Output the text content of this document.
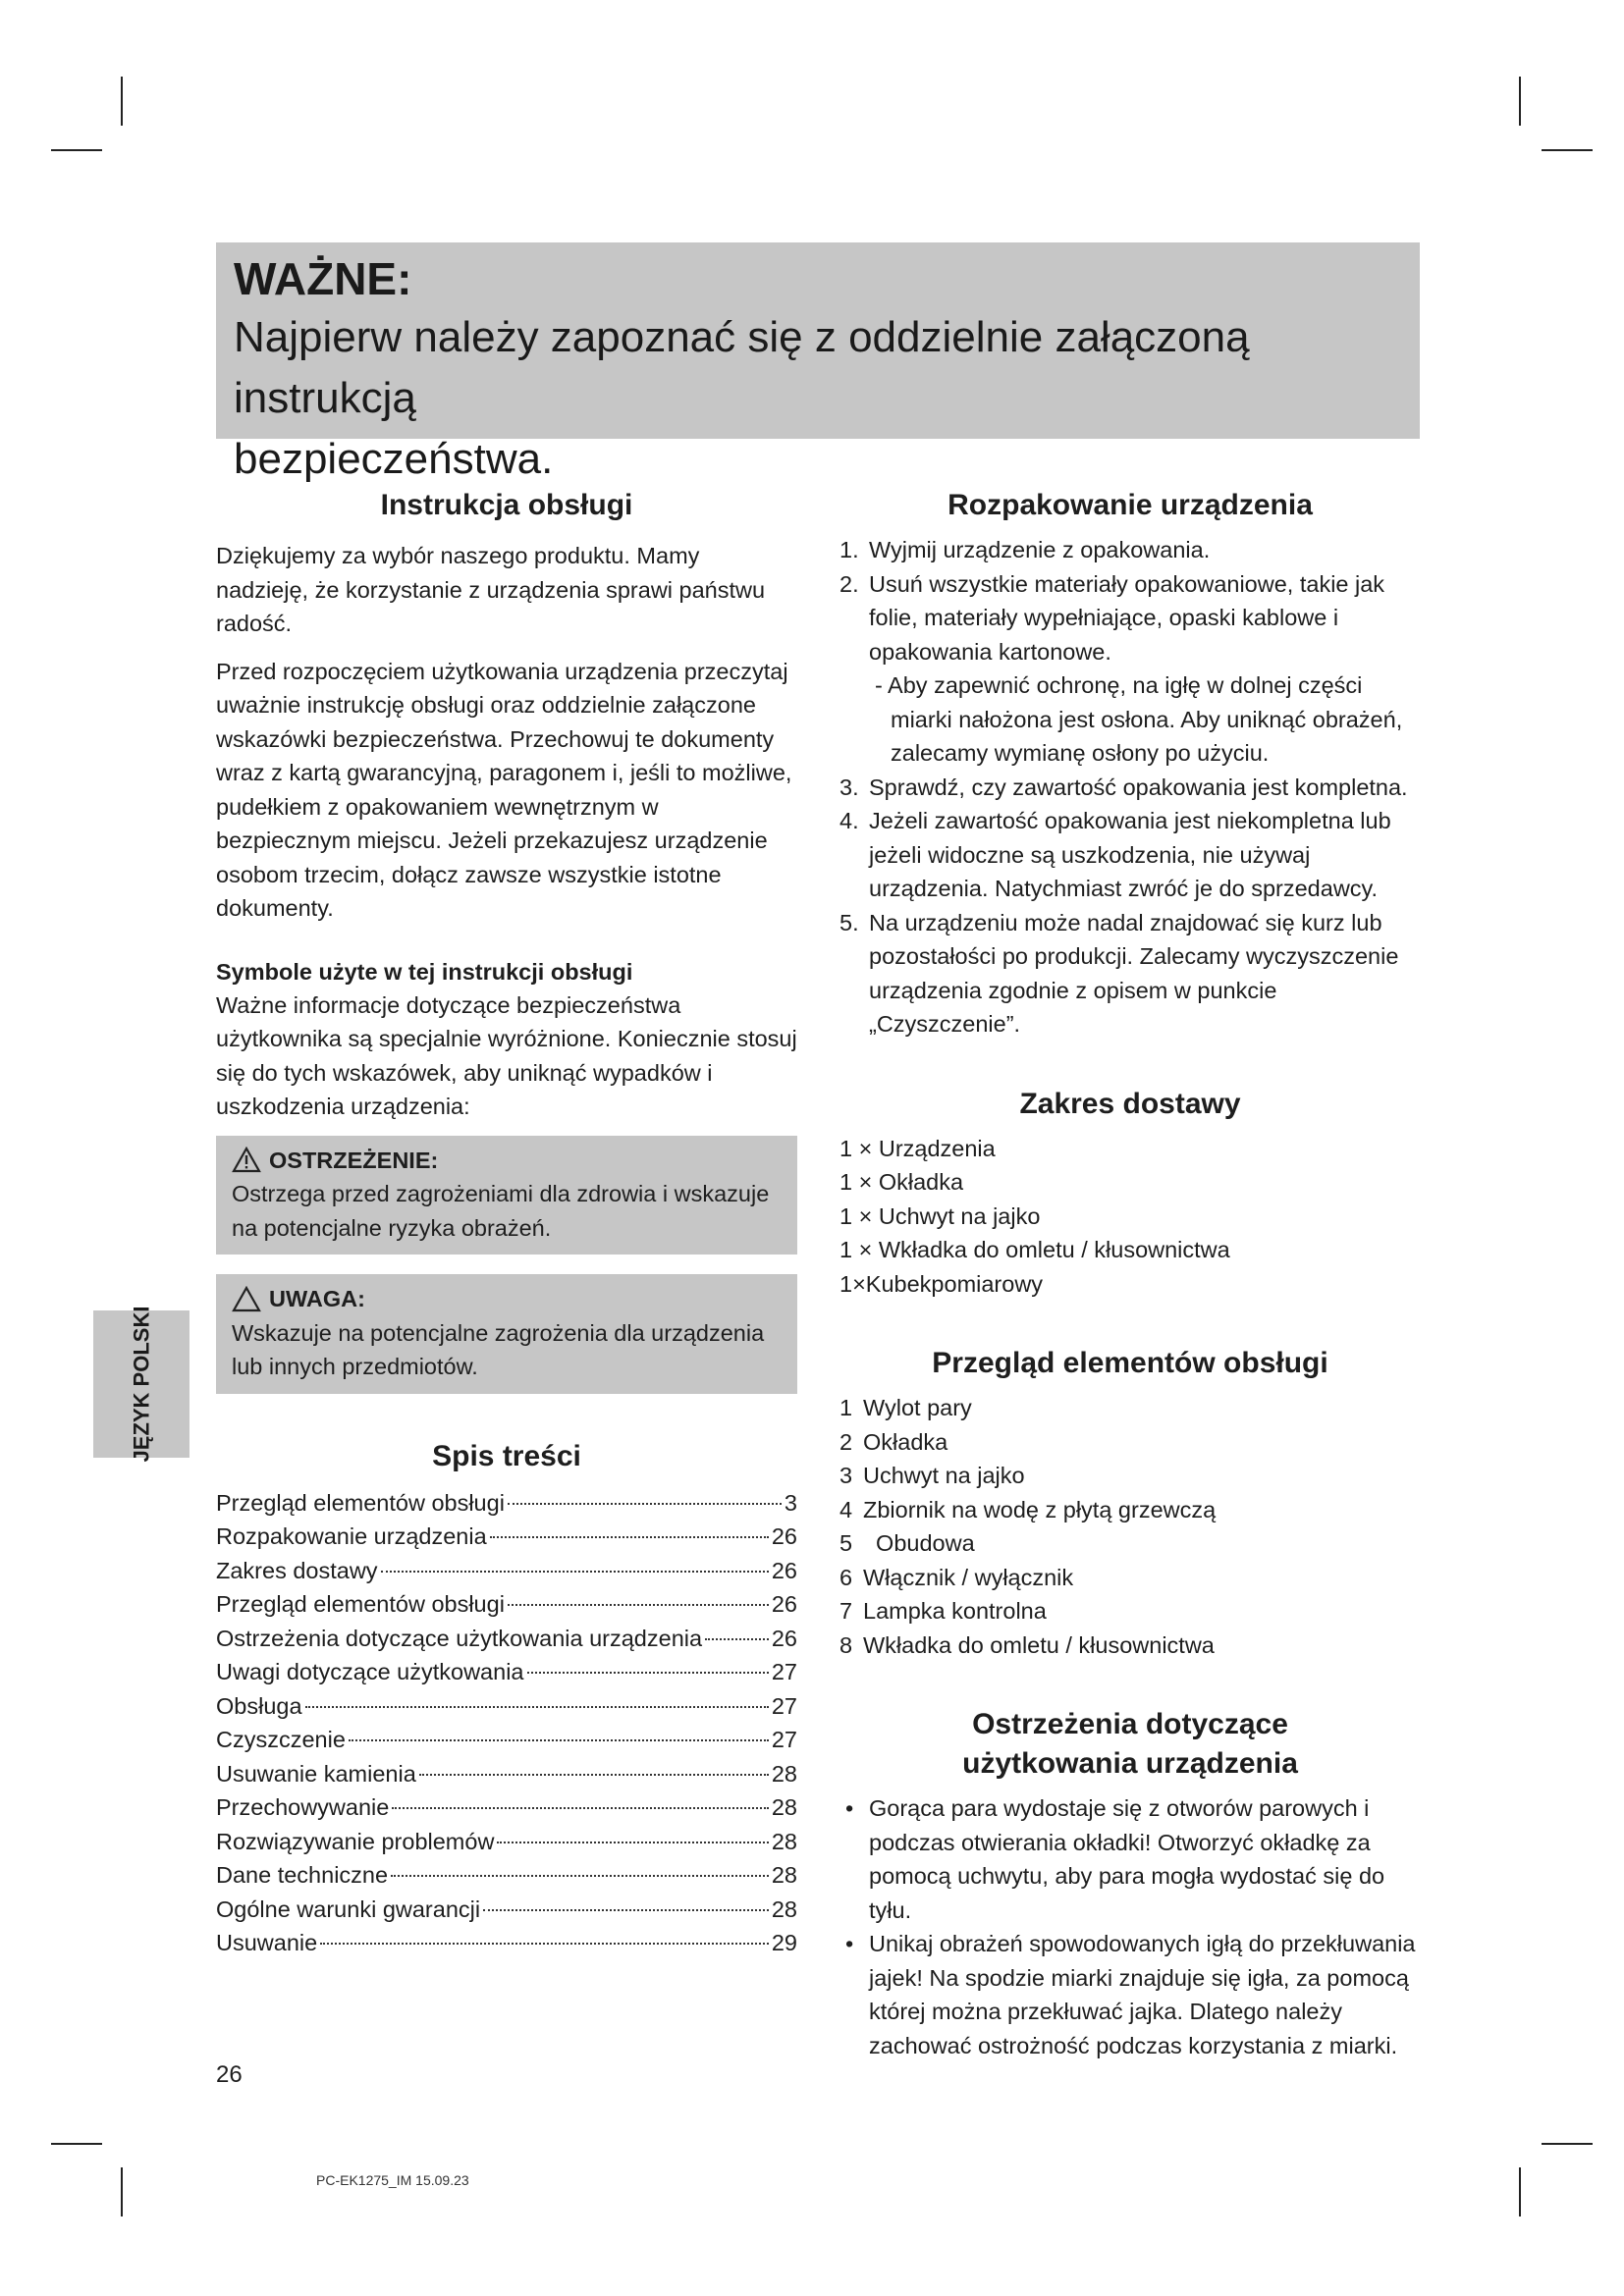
WAŻNE:
Najpierw należy zapoznać się z oddzielnie załączoną instrukcją
bezpieczeństwa.
Instrukcja obsługi

Dziękujemy za wybór naszego produktu. Mamy nadzieję, że korzystanie z urządzenia sprawi państwu radość.

Przed rozpoczęciem użytkowania urządzenia przeczytaj uważnie instrukcję obsługi oraz oddzielnie załączone wskazówki bezpieczeństwa. Przechowuj te dokumenty wraz z kartą gwarancyjną, paragonem i, jeśli to możliwe, pudełkiem z opakowaniem wewnętrznym w bezpiecznym miejscu. Jeżeli przekazujesz urządzenie osobom trzecim, dołącz zawsze wszystkie istotne dokumenty.

Symbole użyte w tej instrukcji obsługi

Ważne informacje dotyczące bezpieczeństwa użytkownika są specjalnie wyróżnione. Koniecznie stosuj się do tych wskazówek, aby uniknąć wypadków i uszkodzenia urządzenia:

OSTRZEŻENIE:

Ostrzega przed zagrożeniami dla zdrowia i wskazuje na potencjalne ryzyka obrażeń.

UWAGA:

Wskazuje na potencjalne zagrożenia dla urządzenia lub innych przedmiotów.

Spis treści
Przegląd elementów obsługi	3
Rozpakowanie urządzenia	26
Zakres dostawy	26
Przegląd elementów obsługi	26
Ostrzeżenia dotyczące użytkowania urządzenia	26
Uwagi dotyczące użytkowania	27
Obsługa	27
Czyszczenie	27
Usuwanie kamienia	28
Przechowywanie	28
Rozwiązywanie problemów	28
Dane techniczne	28
Ogólne warunki gwarancji	28
Usuwanie	29
Rozpakowanie urządzenia
1. Wyjmij urządzenie z opakowania.
2. Usuń wszystkie materiały opakowaniowe, takie jak folie, materiały wypełniające, opaski kablowe i opakowania kartonowe.

- Aby zapewnić ochronę, na igłę w dolnej części miarki nałożona jest osłona. Aby uniknąć obrażeń, zalecamy wymianę osłony po użyciu.

3. Sprawdź, czy zawartość opakowania jest kompletna.
4. Jeżeli zawartość opakowania jest niekompletna lub jeżeli widoczne są uszkodzenia, nie używaj urządzenia. Natychmiast zwróć je do sprzedawcy.
5. Na urządzeniu może nadal znajdować się kurz lub pozostałości po produkcji. Zalecamy wyczyszczenie urządzenia zgodnie z opisem w punkcie „Czyszczenie”.
Zakres dostawy
1 × Urządzenia
1 × Okładka
1 × Uchwyt na jajko
1 × Wkładka do omletu / kłusownictwa
1×Kubekpomiarowy
Przegląd elementów obsługi
1 Wylot pary
2 Okładka
3 Uchwyt na jajko
4 Zbiornik na wodę z płytą grzewczą
5  Obudowa
6 Włącznik / wyłącznik
7 Lampka kontrolna
8 Wkładka do omletu / kłusownictwa
Ostrzeżenia dotyczące
użytkowania urządzenia
• Gorąca para wydostaje się z otworów parowych i podczas otwierania okładki! Otworzyć okładkę za pomocą uchwytu, aby para mogła wydostać się do tyłu.
• Unikaj obrażeń spowodowanych igłą do przekłuwania jajek! Na spodzie miarki znajduje się igła, za pomocą której można przekłuwać jajka. Dlatego należy zachować ostrożność podczas korzystania z miarki.
JĘZYK POLSKI
26
PC-EK1275_IM 15.09.23
